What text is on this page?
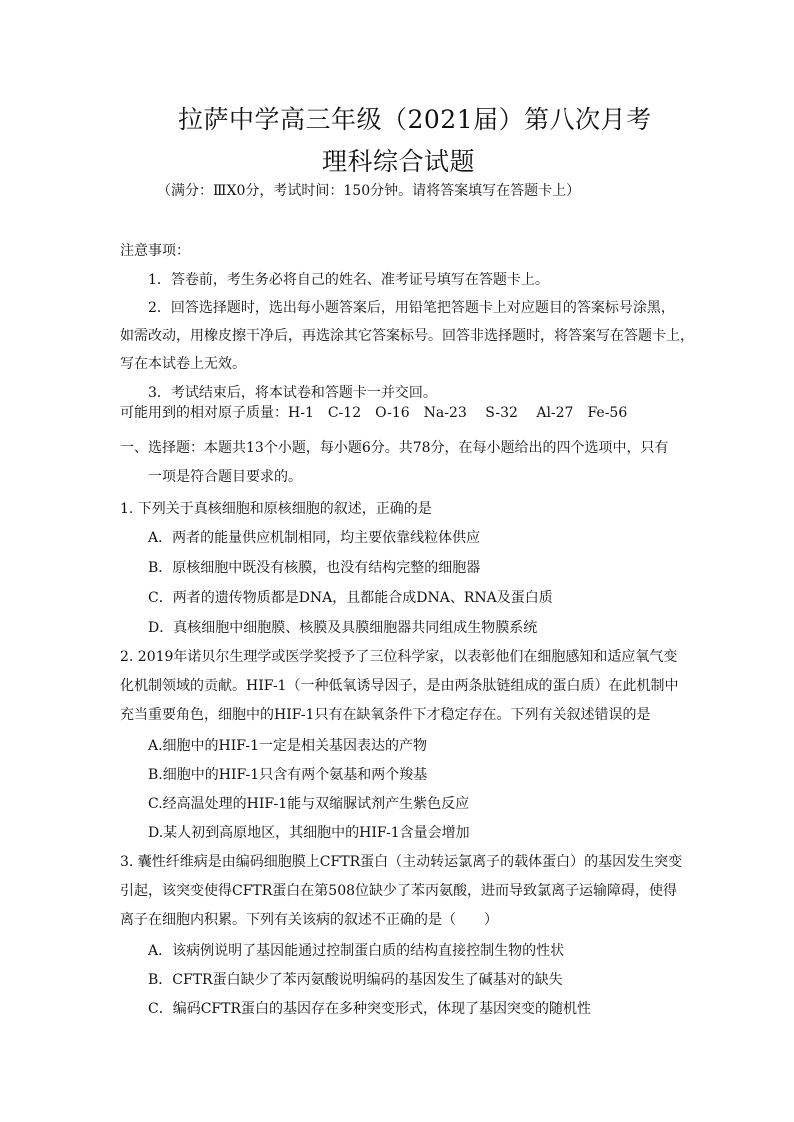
拉萨中学高三年级（2021届）第八次月考
理科综合试题
（满分：ⅢⅩ0分，考试时间：150分钟。请将答案填写在答题卡上）
注意事项：
1．答卷前，考生务必将自己的姓名、准考证号填写在答题卡上。
2．回答选择题时，选出每小题答案后，用铅笔把答题卡上对应题目的答案标号涂黑，
如需改动，用橡皮擦干净后，再选涂其它答案标号。回答非选择题时，将答案写在答题卡上，
写在本试卷上无效。
3．考试结束后，将本试卷和答题卡一并交回。
可能用到的相对原子质量：H-1　C-12　O-16　Na-23　 S-32　 Al-27　Fe-56
一、选择题：本题共13个小题，每小题6分。共78分，在每小题给出的四个选项中，只有
一项是符合题目要求的。
1. 下列关于真核细胞和原核细胞的叙述，正确的是
A．两者的能量供应机制相同，均主要依靠线粒体供应
B．原核细胞中既没有核膜，也没有结构完整的细胞器
C．两者的遗传物质都是DNA，且都能合成DNA、RNA及蛋白质
D．真核细胞中细胞膜、核膜及具膜细胞器共同组成生物膜系统
2. 2019年诺贝尔生理学或医学奖授予了三位科学家，以表彰他们在细胞感知和适应氧气变
化机制领域的贡献。HIF-1（一种低氧诱导因子，是由两条肽链组成的蛋白质）在此机制中
充当重要角色，细胞中的HIF-1只有在缺氧条件下才稳定存在。下列有关叙述错误的是
A.细胞中的HIF-1一定是相关基因表达的产物
B.细胞中的HIF-1只含有两个氨基和两个羧基
C.经高温处理的HIF-1能与双缩脲试剂产生紫色反应
D.某人初到高原地区，其细胞中的HIF-1含量会增加
3. 囊性纤维病是由编码细胞膜上CFTR蛋白（主动转运氯离子的载体蛋白）的基因发生突变
引起，该突变使得CFTR蛋白在第508位缺少了苯丙氨酸，进而导致氯离子运输障碍，使得
离子在细胞内积累。下列有关该病的叙述不正确的是（　　）
A．该病例说明了基因能通过控制蛋白质的结构直接控制生物的性状
B．CFTR蛋白缺少了苯丙氨酸说明编码的基因发生了碱基对的缺失
C．编码CFTR蛋白的基因存在多种突变形式，体现了基因突变的随机性
